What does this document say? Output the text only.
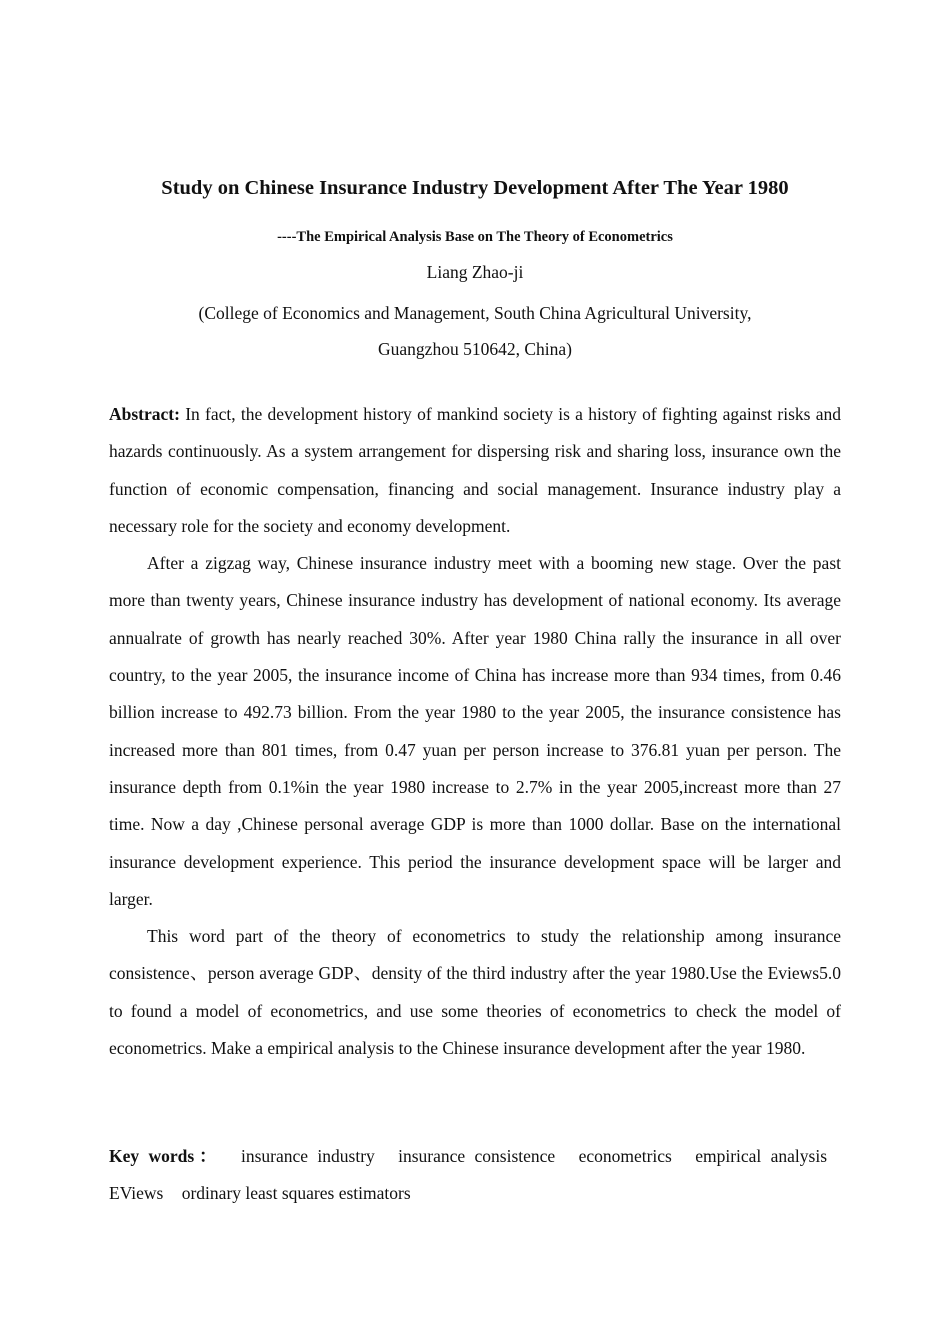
Study on Chinese Insurance Industry Development After The Year 1980
----The Empirical Analysis Base on The Theory of Econometrics
Liang Zhao-ji
(College of Economics and Management, South China Agricultural University,
Guangzhou 510642, China)

Abstract: In fact, the development history of mankind society is a history of fighting against risks and hazards continuously. As a system arrangement for dispersing risk and sharing loss, insurance own the function of economic compensation, financing and social management. Insurance industry play a necessary role for the society and economy development.

After a zigzag way, Chinese insurance industry meet with a booming new stage. Over the past more than twenty years, Chinese insurance industry has development of national economy. Its average annualrate of growth has nearly reached 30%. After year 1980 China rally the insurance in all over country, to the year 2005, the insurance income of China has increase more than 934 times, from 0.46 billion increase to 492.73 billion. From the year 1980 to the year 2005, the insurance consistence has increased more than 801 times, from 0.47 yuan per person increase to 376.81 yuan per person. The insurance depth from 0.1%in the year 1980 increase to 2.7% in the year 2005,increast more than 27 time. Now a day ,Chinese personal average GDP is more than 1000 dollar. Base on the international insurance development experience. This period the insurance development space will be larger and larger.

This word part of the theory of econometrics to study the relationship among insurance consistence、person average GDP、density of the third industry after the year 1980.Use the Eviews5.0 to found a model of econometrics, and use some theories of econometrics to check the model of econometrics. Make a empirical analysis to the Chinese insurance development after the year 1980.

Key words： insurance industry insurance consistence econometrics empirical analysis EViews ordinary least squares estimators
